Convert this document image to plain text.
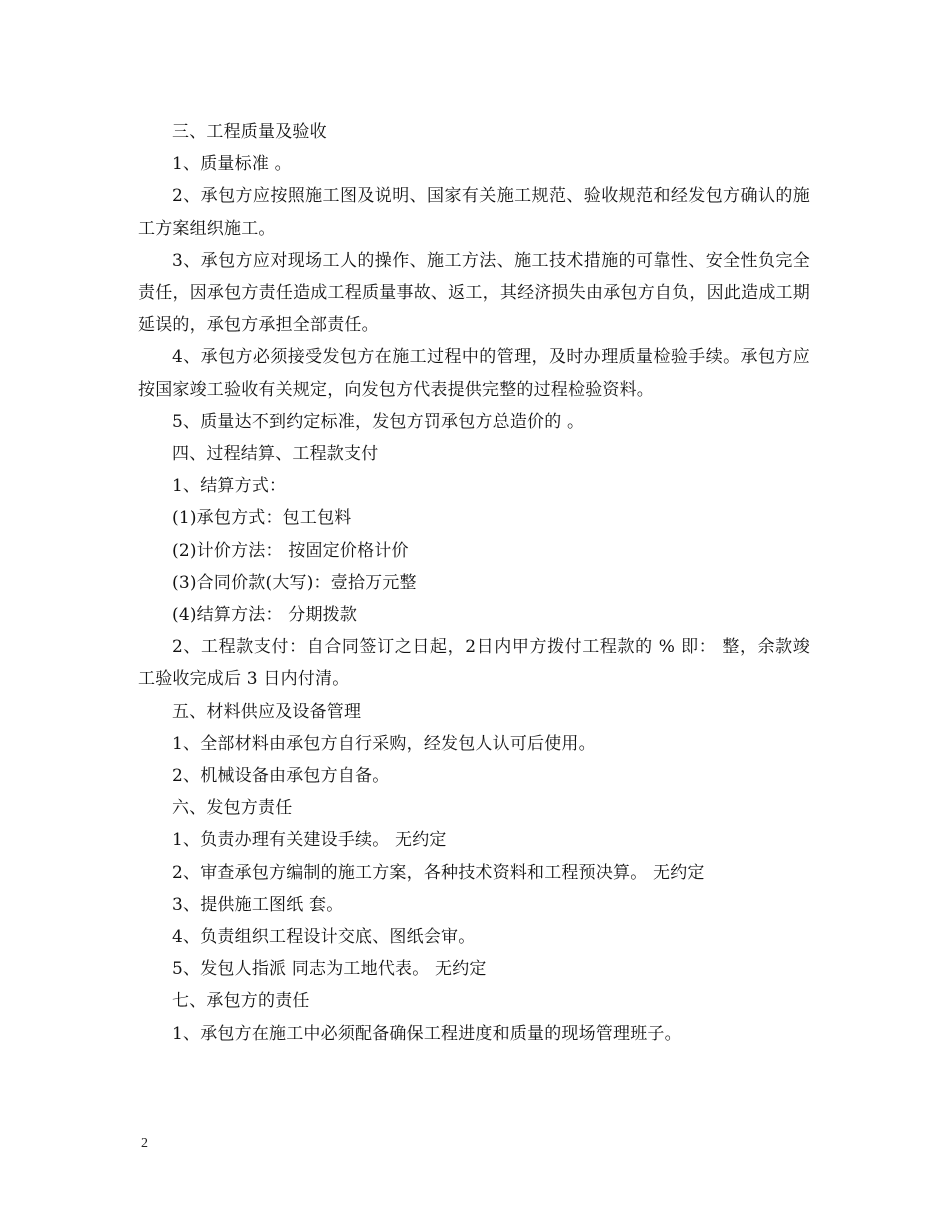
三、工程质量及验收

1、质量标准 。

2、承包方应按照施工图及说明、国家有关施工规范、验收规范和经发包方确认的施工方案组织施工。

3、承包方应对现场工人的操作、施工方法、施工技术措施的可靠性、安全性负完全责任，因承包方责任造成工程质量事故、返工，其经济损失由承包方自负，因此造成工期延误的，承包方承担全部责任。

4、承包方必须接受发包方在施工过程中的管理，及时办理质量检验手续。承包方应按国家竣工验收有关规定，向发包方代表提供完整的过程检验资料。

5、质量达不到约定标准，发包方罚承包方总造价的 。

四、过程结算、工程款支付

1、结算方式：

(1)承包方式：包工包料

(2)计价方法： 按固定价格计价

(3)合同价款(大写)：壹拾万元整

(4)结算方法： 分期拨款

2、工程款支付：自合同签订之日起，2日内甲方拨付工程款的 % 即： 整，余款竣工验收完成后 3 日内付清。

五、材料供应及设备管理

1、全部材料由承包方自行采购，经发包人认可后使用。

2、机械设备由承包方自备。

六、发包方责任

1、负责办理有关建设手续。 无约定

2、审查承包方编制的施工方案，各种技术资料和工程预决算。 无约定

3、提供施工图纸 套。

4、负责组织工程设计交底、图纸会审。

5、发包人指派 同志为工地代表。 无约定

七、承包方的责任

1、承包方在施工中必须配备确保工程进度和质量的现场管理班子。

2
